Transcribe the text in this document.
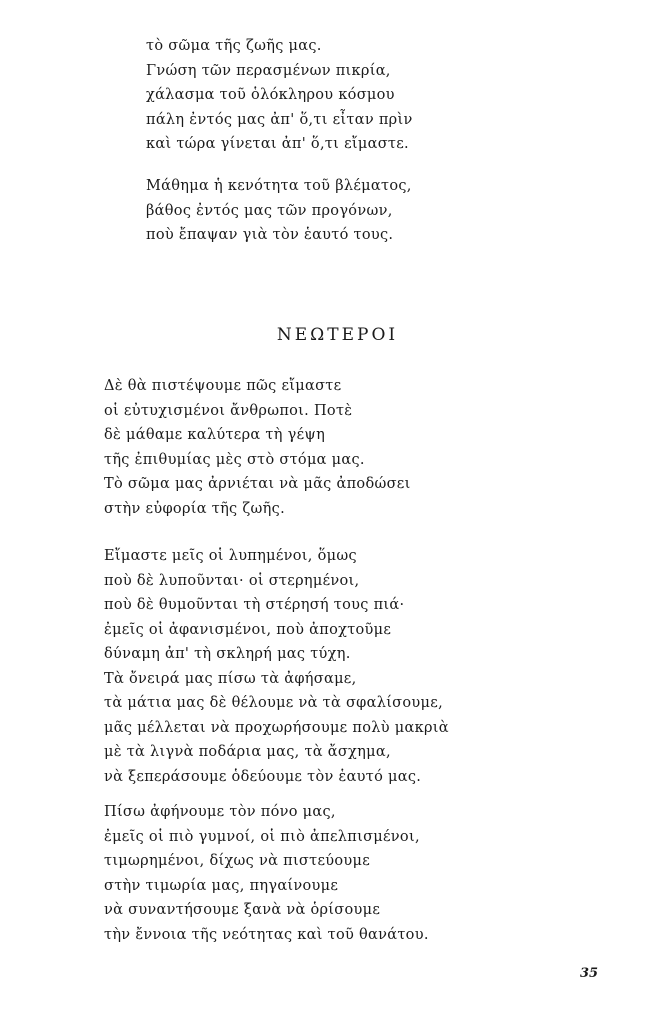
τὸ σῶμα τῆς ζωῆς μας.
Γνώση τῶν περασμένων πικρία,
χάλασμα τοῦ ὁλόκληρου κόσμου
πάλη ἐντός μας ἀπ' ὅ,τι εἶταν πρὶν
καὶ τώρα γίνεται ἀπ' ὅ,τι εἴμαστε.
Μάθημα ἡ κενότητα τοῦ βλέματος,
βάθος ἐντός μας τῶν προγόνων,
ποὺ ἔπαψαν γιὰ τὸν ἑαυτό τους.
ΝΕΩΤΕΡΟΙ
Δὲ θὰ πιστέψουμε πῶς εἴμαστε
οἱ εὐτυχισμένοι ἄνθρωποι. Ποτὲ
δὲ μάθαμε καλύτερα τὴ γέψη
τῆς ἐπιθυμίας μὲς στὸ στόμα μας.
Τὸ σῶμα μας ἀρνιέται νὰ μᾶς ἀποδώσει
στὴν εὐφορία τῆς ζωῆς.
Εἴμαστε μεῖς οἱ λυπημένοι, ὅμως
ποὺ δὲ λυποῦνται· οἱ στερημένοι,
ποὺ δὲ θυμοῦνται τὴ στέρησή τους πιά·
ἐμεῖς οἱ ἀφανισμένοι, ποὺ ἀποχτοῦμε
δύναμη ἀπ' τὴ σκληρή μας τύχη.
Τὰ ὄνειρά μας πίσω τὰ ἀφήσαμε,
τὰ μάτια μας δὲ θέλουμε νὰ τὰ σφαλίσουμε,
μᾶς μέλλεται νὰ προχωρήσουμε πολὺ μακριὰ
μὲ τὰ λιγνὰ ποδάρια μας, τὰ ἄσχημα,
νὰ ξεπεράσουμε ὁδεύουμε τὸν ἑαυτό μας.
Πίσω ἀφήνουμε τὸν πόνο μας,
ἐμεῖς οἱ πιὸ γυμνοί, οἱ πιὸ ἀπελπισμένοι,
τιμωρημένοι, δίχως νὰ πιστεύουμε
στὴν τιμωρία μας, πηγαίνουμε
νὰ συναντήσουμε ξανὰ νὰ ὁρίσουμε
τὴν ἔννοια τῆς νεότητας καὶ τοῦ θανάτου.
35
